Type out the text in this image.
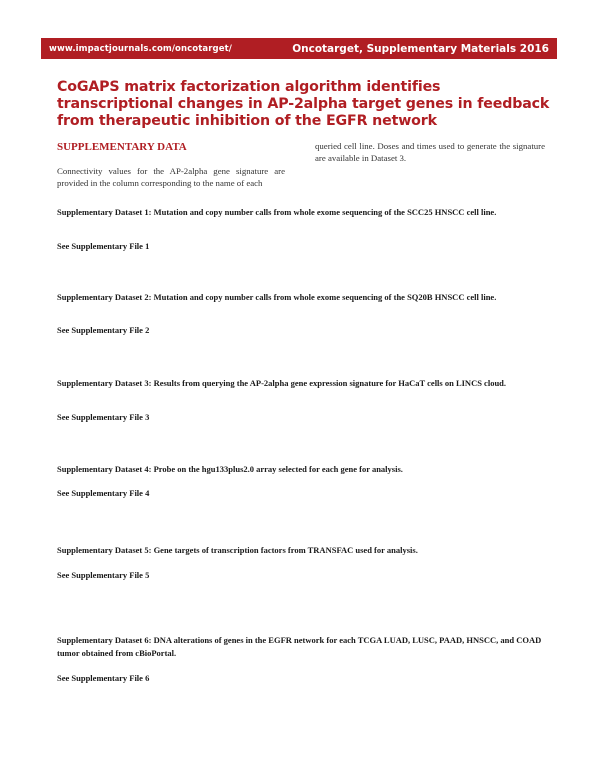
www.impactjournals.com/oncotarget/	Oncotarget, Supplementary Materials 2016
CoGAPS matrix factorization algorithm identifies transcriptional changes in AP-2alpha target genes in feedback from therapeutic inhibition of the EGFR network
SUPPLEMENTARY DATA

Connectivity values for the AP-2alpha gene signature are provided in the column corresponding to the name of each

queried cell line. Doses and times used to generate the signature are available in Dataset 3.

Supplementary Dataset 1: Mutation and copy number calls from whole exome sequencing of the SCC25 HNSCC cell line.

See Supplementary File 1

Supplementary Dataset 2: Mutation and copy number calls from whole exome sequencing of the SQ20B HNSCC cell line.

See Supplementary File 2

Supplementary Dataset 3: Results from querying the AP-2alpha gene expression signature for HaCaT cells on LINCS cloud.

See Supplementary File 3

Supplementary Dataset 4: Probe on the hgu133plus2.0 array selected for each gene for analysis.

See Supplementary File 4

Supplementary Dataset 5: Gene targets of transcription factors from TRANSFAC used for analysis.

See Supplementary File 5

Supplementary Dataset 6: DNA alterations of genes in the EGFR network for each TCGA LUAD, LUSC, PAAD, HNSCC, and COAD tumor obtained from cBioPortal.

See Supplementary File 6
